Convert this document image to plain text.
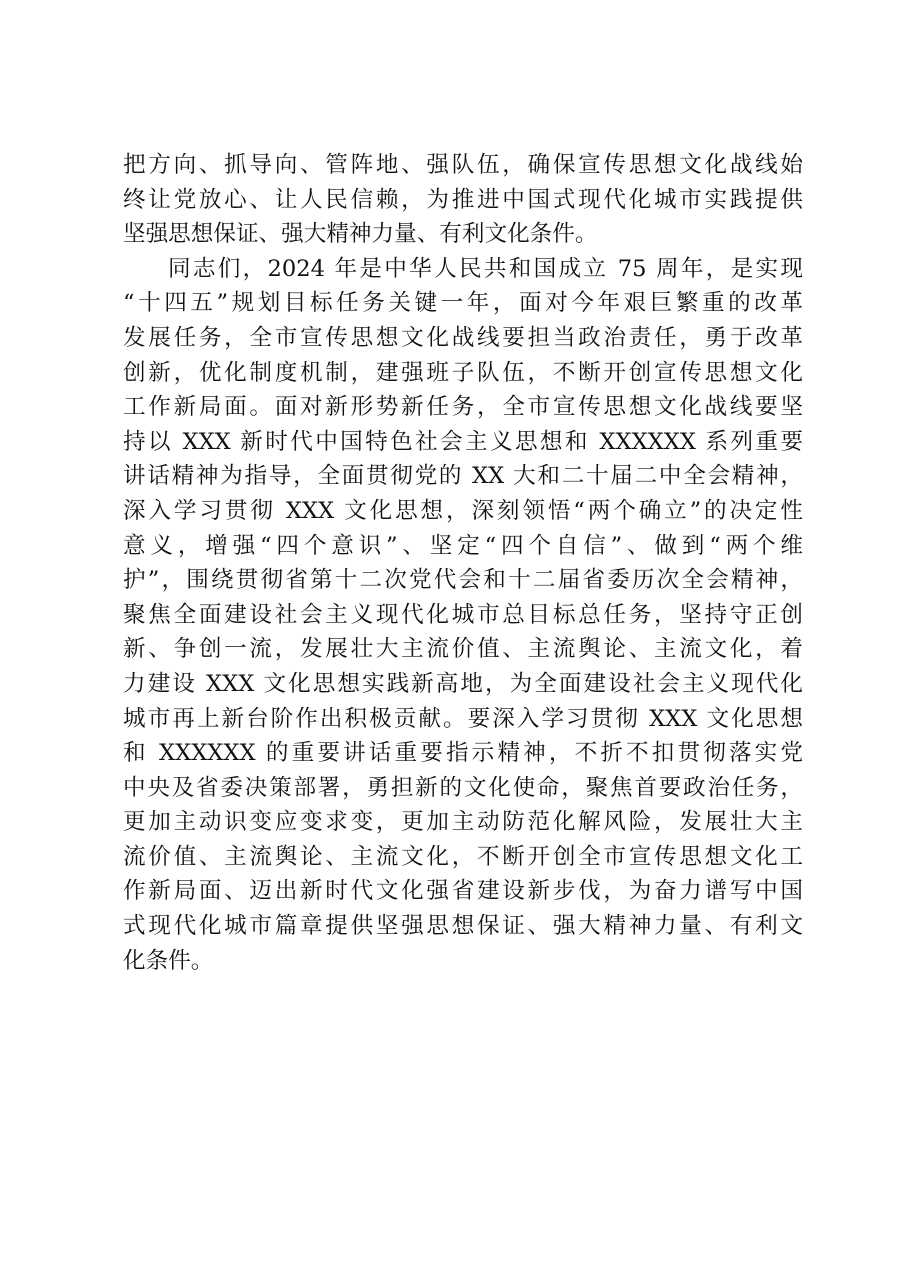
把方向、抓导向、管阵地、强队伍，确保宣传思想文化战线始
终让党放心、让人民信赖，为推进中国式现代化城市实践提供
坚强思想保证、强大精神力量、有利文化条件。
同志们，2024 年是中华人民共和国成立 75 周年，是实现
“十四五”规划目标任务关键一年，面对今年艰巨繁重的改革
发展任务，全市宣传思想文化战线要担当政治责任，勇于改革
创新，优化制度机制，建强班子队伍，不断开创宣传思想文化
工作新局面。面对新形势新任务，全市宣传思想文化战线要坚
持以 XXX 新时代中国特色社会主义思想和 XXXXXX 系列重要
讲话精神为指导，全面贯彻党的 XX 大和二十届二中全会精神，
深入学习贯彻 XXX 文化思想，深刻领悟“两个确立”的决定性
意义，增强“四个意识”、坚定“四个自信”、做到“两个维
护”，围绕贯彻省第十二次党代会和十二届省委历次全会精神，
聚焦全面建设社会主义现代化城市总目标总任务，坚持守正创
新、争创一流，发展壮大主流价值、主流舆论、主流文化，着
力建设 XXX 文化思想实践新高地，为全面建设社会主义现代化
城市再上新台阶作出积极贡献。要深入学习贯彻 XXX 文化思想
和 XXXXXX 的重要讲话重要指示精神，不折不扣贯彻落实党
中央及省委决策部署，勇担新的文化使命，聚焦首要政治任务，
更加主动识变应变求变，更加主动防范化解风险，发展壮大主
流价值、主流舆论、主流文化，不断开创全市宣传思想文化工
作新局面、迈出新时代文化强省建设新步伐，为奋力谱写中国
式现代化城市篇章提供坚强思想保证、强大精神力量、有利文
化条件。
